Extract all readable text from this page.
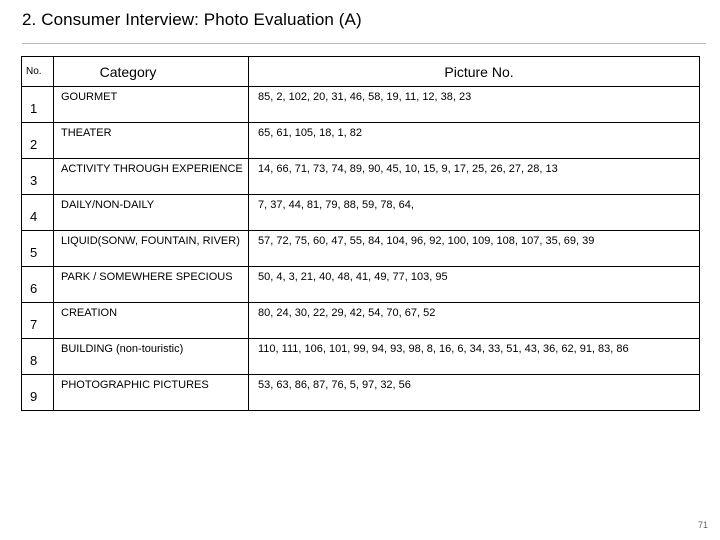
2. Consumer Interview: Photo Evaluation (A)
No.	Category	Picture No.
1	GOURMET	85, 2, 102, 20, 31, 46, 58, 19, 11, 12, 38, 23
2	THEATER	65, 61, 105, 18, 1, 82
3	ACTIVITY THROUGH EXPERIENCE	14, 66, 71, 73, 74, 89, 90, 45, 10, 15, 9, 17, 25, 26, 27, 28, 13
4	DAILY/NON-DAILY	7, 37, 44, 81, 79, 88, 59, 78, 64,
5	LIQUID(SONW, FOUNTAIN, RIVER)	57, 72, 75, 60, 47, 55, 84, 104, 96, 92, 100, 109, 108, 107, 35, 69, 39
6	PARK / SOMEWHERE SPECIOUS	50, 4, 3, 21, 40, 48, 41, 49, 77, 103, 95
7	CREATION	80, 24, 30, 22, 29, 42, 54, 70, 67, 52
8	BUILDING (non-touristic)	110, 111, 106, 101, 99, 94, 93, 98, 8, 16, 6, 34, 33, 51, 43, 36, 62, 91, 83, 86
9	PHOTOGRAPHIC PICTURES	53, 63, 86, 87, 76, 5, 97, 32, 56
71
